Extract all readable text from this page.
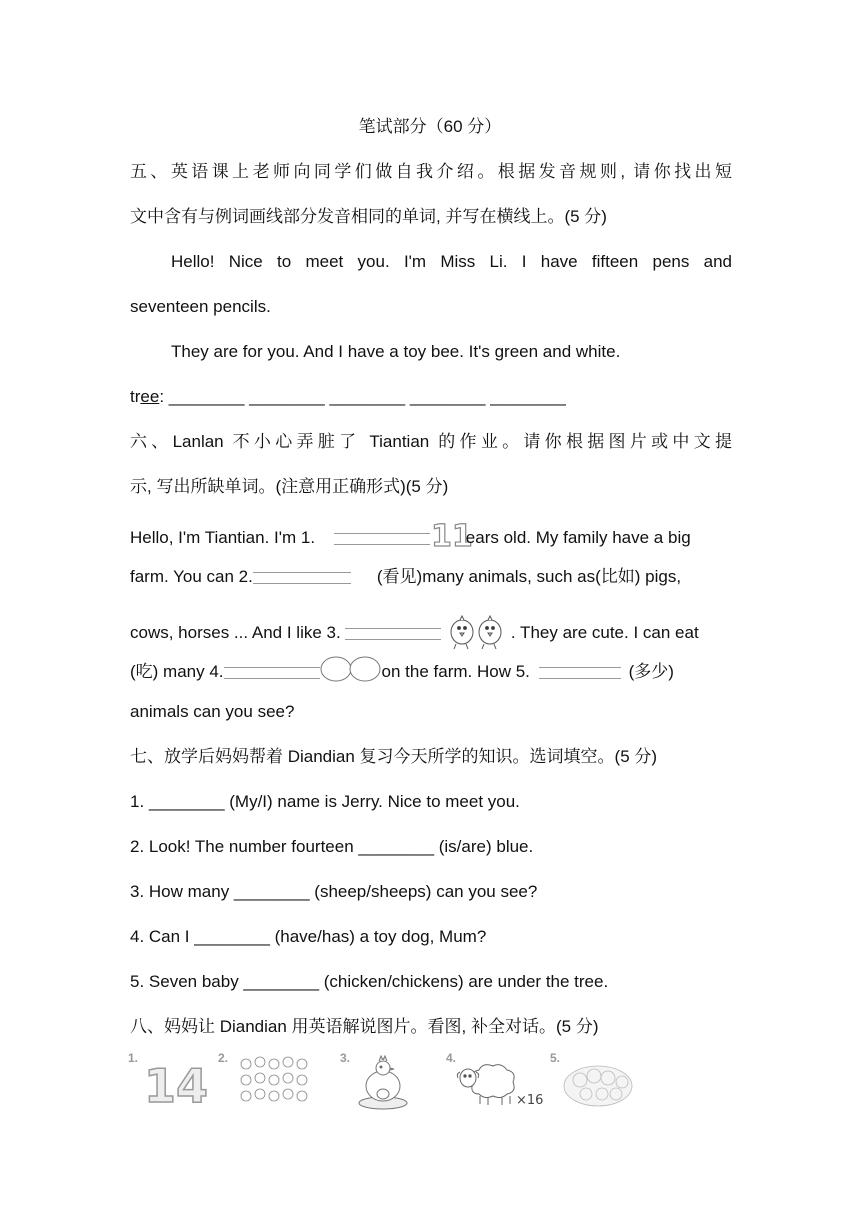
笔试部分（60 分）
五、英语课上老师向同学们做自我介绍。根据发音规则, 请你找出短
文中含有与例词画线部分发音相同的单词, 并写在横线上。(5 分)
Hello! Nice to meet you. I'm Miss Li. I have fifteen pens and
seventeen pencils.
They are for you. And I have a toy bee. It's green and white.
tree: ________ ________ ________ ________ ________
六、Lanlan 不小心弄脏了 Tiantian 的作业。请你根据图片或中文提
示, 写出所缺单词。(注意用正确形式)(5 分)
Hello, I'm Tiantian. I'm 1.	11
ears old. My family have a big
farm. You can 2.	(看见)many animals, such as(比如) pigs,
cows, horses ... And I like 3.	. They are cute. I can eat
(吃) many 4.	on the farm. How 5.	(多少)
animals can you see?
七、放学后妈妈帮着 Diandian 复习今天所学的知识。选词填空。(5 分)
1. ________ (My/I) name is Jerry. Nice to meet you.
2. Look! The number fourteen ________ (is/are) blue.
3. How many ________ (sheep/sheeps) can you see?
4. Can I ________ (have/has) a toy dog, Mum?
5. Seven baby ________ (chicken/chickens) are under the tree.
八、妈妈让 Diandian 用英语解说图片。看图, 补全对话。(5 分)
1.	2.	3.	4.	5.
14	×16
